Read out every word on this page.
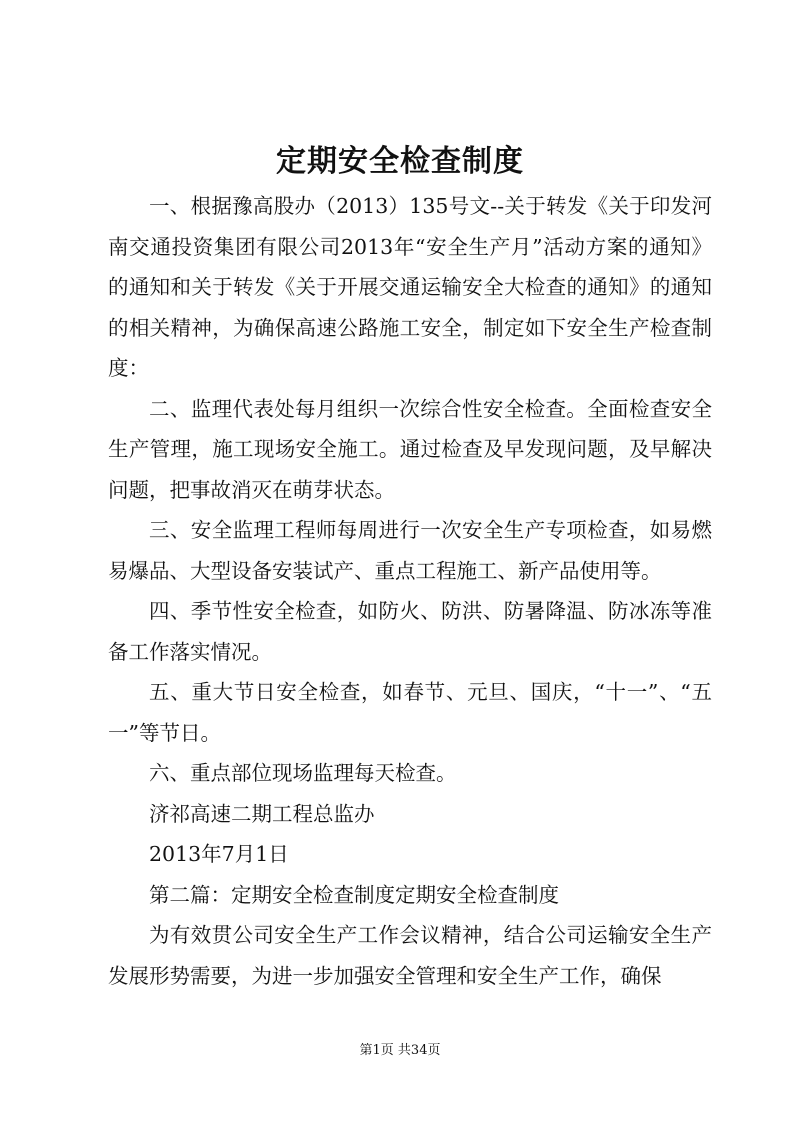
定期安全检查制度

一、根据豫高股办（2013）135号文--关于转发《关于印发河南交通投资集团有限公司2013年“安全生产月”活动方案的通知》的通知和关于转发《关于开展交通运输安全大检查的通知》的通知的相关精神，为确保高速公路施工安全，制定如下安全生产检查制度：

二、监理代表处每月组织一次综合性安全检查。全面检查安全生产管理，施工现场安全施工。通过检查及早发现问题，及早解决问题，把事故消灭在萌芽状态。

三、安全监理工程师每周进行一次安全生产专项检查，如易燃易爆品、大型设备安装试产、重点工程施工、新产品使用等。

四、季节性安全检查，如防火、防洪、防暑降温、防冰冻等准备工作落实情况。

五、重大节日安全检查，如春节、元旦、国庆，“十一”、“五一”等节日。

六、重点部位现场监理每天检查。

济祁高速二期工程总监办

2013年7月1日

第二篇：定期安全检查制度定期安全检查制度

为有效贯公司安全生产工作会议精神，结合公司运输安全生产发展形势需要，为进一步加强安全管理和安全生产工作，确保

第1页 共34页
